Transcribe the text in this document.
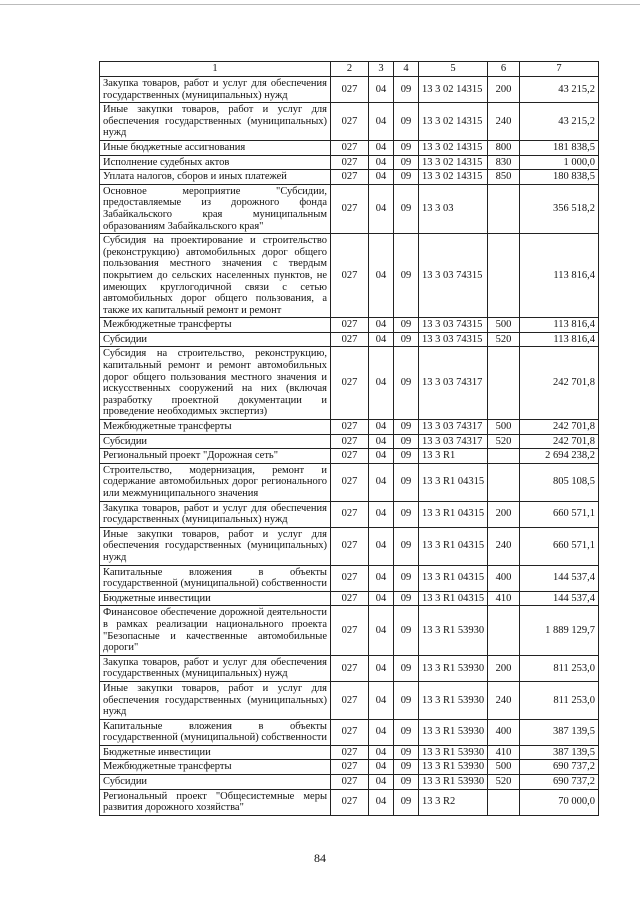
1	2	3	4	5	6	7
Закупка товаров, работ и услуг для обеспечения государственных (муниципальных) нужд	027	04	09	13 3 02 14315	200	43 215,2
Иные закупки товаров, работ и услуг для обеспечения государственных (муниципальных) нужд	027	04	09	13 3 02 14315	240	43 215,2
Иные бюджетные ассигнования	027	04	09	13 3 02 14315	800	181 838,5
Исполнение судебных актов	027	04	09	13 3 02 14315	830	1 000,0
Уплата налогов, сборов и иных платежей	027	04	09	13 3 02 14315	850	180 838,5
Основное мероприятие "Субсидии, предоставляемые из дорожного фонда Забайкальского края муниципальным образованиям Забайкальского края"	027	04	09	13 3 03		356 518,2
Субсидия на проектирование и строительство (реконструкцию) автомобильных дорог общего пользования местного значения с твердым покрытием до сельских населенных пунктов, не имеющих круглогодичной связи с сетью автомобильных дорог общего пользования, а также их капитальный ремонт и ремонт	027	04	09	13 3 03 74315		113 816,4
Межбюджетные трансферты	027	04	09	13 3 03 74315	500	113 816,4
Субсидии	027	04	09	13 3 03 74315	520	113 816,4
Субсидия на строительство, реконструкцию, капитальный ремонт и ремонт автомобильных дорог общего пользования местного значения и искусственных сооружений на них (включая разработку проектной документации и проведение необходимых экспертиз)	027	04	09	13 3 03 74317		242 701,8
Межбюджетные трансферты	027	04	09	13 3 03 74317	500	242 701,8
Субсидии	027	04	09	13 3 03 74317	520	242 701,8
Региональный проект "Дорожная сеть"	027	04	09	13 3 R1		2 694 238,2
Строительство, модернизация, ремонт и содержание автомобильных дорог регионального или межмуниципального значения	027	04	09	13 3 R1 04315		805 108,5
Закупка товаров, работ и услуг для обеспечения государственных (муниципальных) нужд	027	04	09	13 3 R1 04315	200	660 571,1
Иные закупки товаров, работ и услуг для обеспечения государственных (муниципальных) нужд	027	04	09	13 3 R1 04315	240	660 571,1
Капитальные вложения в объекты государственной (муниципальной) собственности	027	04	09	13 3 R1 04315	400	144 537,4
Бюджетные инвестиции	027	04	09	13 3 R1 04315	410	144 537,4
Финансовое обеспечение дорожной деятельности в рамках реализации национального проекта "Безопасные и качественные автомобильные дороги"	027	04	09	13 3 R1 53930		1 889 129,7
Закупка товаров, работ и услуг для обеспечения государственных (муниципальных) нужд	027	04	09	13 3 R1 53930	200	811 253,0
Иные закупки товаров, работ и услуг для обеспечения государственных (муниципальных) нужд	027	04	09	13 3 R1 53930	240	811 253,0
Капитальные вложения в объекты государственной (муниципальной) собственности	027	04	09	13 3 R1 53930	400	387 139,5
Бюджетные инвестиции	027	04	09	13 3 R1 53930	410	387 139,5
Межбюджетные трансферты	027	04	09	13 3 R1 53930	500	690 737,2
Субсидии	027	04	09	13 3 R1 53930	520	690 737,2
Региональный проект "Общесистемные меры развития дорожного хозяйства"	027	04	09	13 3 R2		70 000,0
84
